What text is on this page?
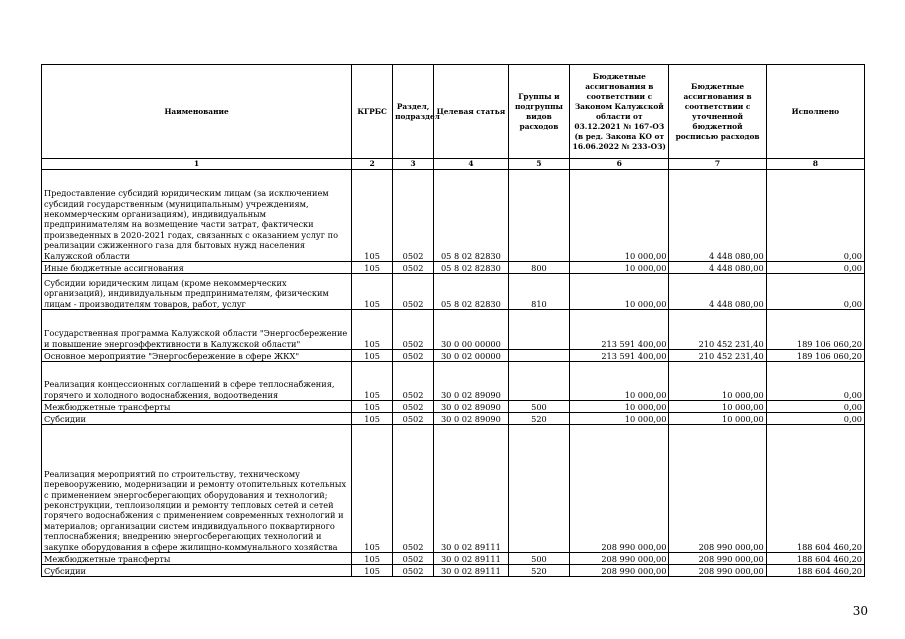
Наименование	КГРБС	Раздел, подраздел	Целевая статья	Группы и подгруппы видов расходов	Бюджетные ассигнования в соответствии с Законом Калужской области от 03.12.2021 № 167-ОЗ (в ред. Закона КО от 16.06.2022 № 233-ОЗ)	Бюджетные ассигнования в соответствии с уточненной бюджетной росписью расходов	Исполнено
1	2	3	4	5	6	7	8
Предоставление субсидий юридическим лицам (за исключением субсидий государственным (муниципальным) учреждениям, некоммерческим организациям), индивидуальным предпринимателям на возмещение части затрат, фактически произведенных в 2020-2021 годах, связанных с оказанием услуг по реализации сжиженного газа для бытовых нужд населения Калужской области	105	0502	05 8 02 82830		10 000,00	4 448 080,00	0,00
Иные бюджетные ассигнования	105	0502	05 8 02 82830	800	10 000,00	4 448 080,00	0,00
Субсидии юридическим лицам (кроме некоммерческих организаций), индивидуальным предпринимателям, физическим лицам - производителям товаров, работ, услуг	105	0502	05 8 02 82830	810	10 000,00	4 448 080,00	0,00
Государственная программа Калужской области "Энергосбережение и повышение энергоэффективности в Калужской области"	105	0502	30 0 00 00000		213 591 400,00	210 452 231,40	189 106 060,20
Основное мероприятие "Энергосбережение в сфере ЖКХ"	105	0502	30 0 02 00000		213 591 400,00	210 452 231,40	189 106 060,20
Реализация концессионных соглашений в сфере теплоснабжения, горячего и холодного водоснабжения, водоотведения	105	0502	30 0 02 89090		10 000,00	10 000,00	0,00
Межбюджетные трансферты	105	0502	30 0 02 89090	500	10 000,00	10 000,00	0,00
Субсидии	105	0502	30 0 02 89090	520	10 000,00	10 000,00	0,00
Реализация мероприятий по строительству, техническому перевооружению, модернизации и ремонту отопительных котельных с применением энергосберегающих оборудования и технологий; реконструкции, теплоизоляции и ремонту тепловых сетей и сетей горячего водоснабжения с применением современных технологий и материалов; организации систем индивидуального поквартирного теплоснабжения; внедрению энергосберегающих технологий и закупке оборудования в сфере жилищно-коммунального хозяйства	105	0502	30 0 02 89111		208 990 000,00	208 990 000,00	188 604 460,20
Межбюджетные трансферты	105	0502	30 0 02 89111	500	208 990 000,00	208 990 000,00	188 604 460,20
Субсидии	105	0502	30 0 02 89111	520	208 990 000,00	208 990 000,00	188 604 460,20
30
